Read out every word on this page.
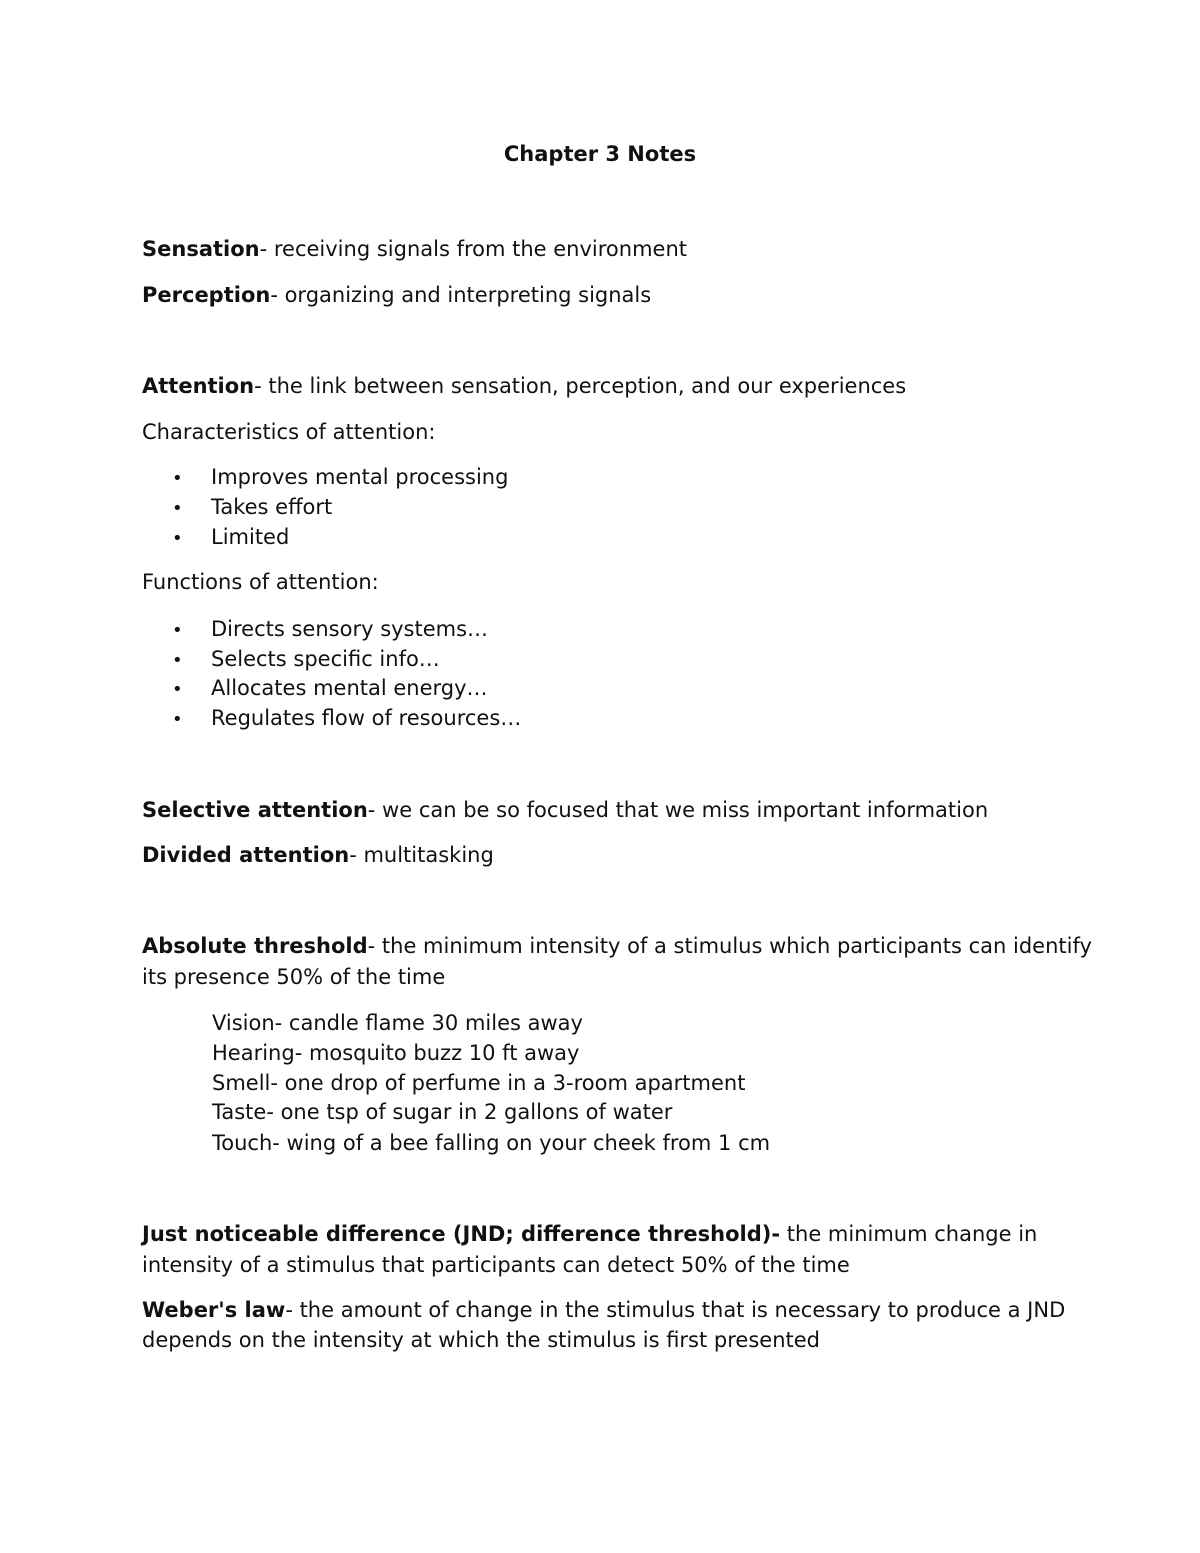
Chapter 3 Notes
Sensation- receiving signals from the environment
Perception- organizing and interpreting signals
Attention- the link between sensation, perception, and our experiences
Characteristics of attention:
• Improves mental processing
• Takes effort
• Limited
Functions of attention:
• Directs sensory systems…
• Selects specific info…
• Allocates mental energy…
• Regulates flow of resources…
Selective attention- we can be so focused that we miss important information
Divided attention- multitasking
Absolute threshold- the minimum intensity of a stimulus which participants can identify
its presence 50% of the time
Vision- candle flame 30 miles away
Hearing- mosquito buzz 10 ft away
Smell- one drop of perfume in a 3-room apartment
Taste- one tsp of sugar in 2 gallons of water
Touch- wing of a bee falling on your cheek from 1 cm
Just noticeable difference (JND; difference threshold)- the minimum change in
intensity of a stimulus that participants can detect 50% of the time
Weber's law- the amount of change in the stimulus that is necessary to produce a JND
depends on the intensity at which the stimulus is first presented
